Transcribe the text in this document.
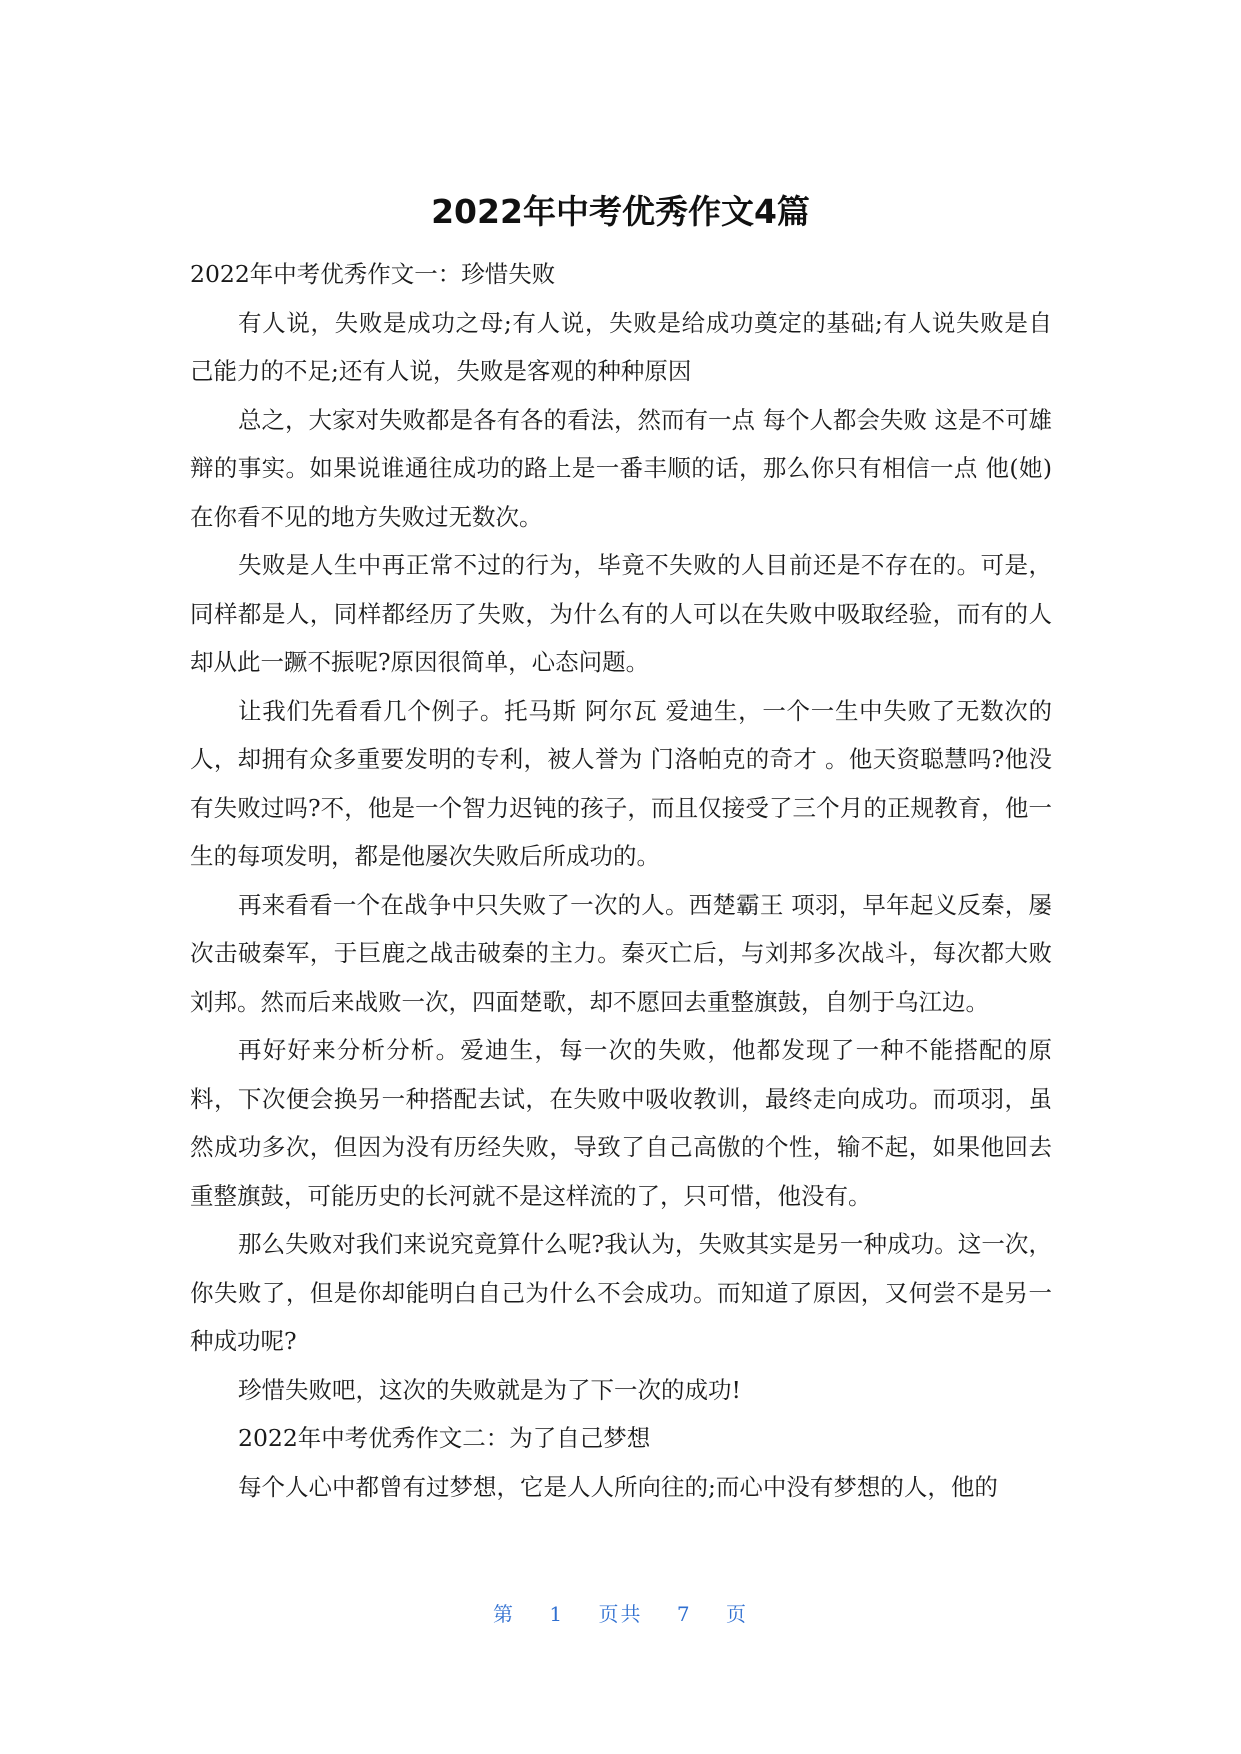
2022年中考优秀作文4篇

2022年中考优秀作文一：珍惜失败

有人说，失败是成功之母;有人说，失败是给成功奠定的基础;有人说失败是自己能力的不足;还有人说，失败是客观的种种原因

总之，大家对失败都是各有各的看法，然而有一点 每个人都会失败 这是不可雄辩的事实。如果说谁通往成功的路上是一番丰顺的话，那么你只有相信一点 他(她)在你看不见的地方失败过无数次。

失败是人生中再正常不过的行为，毕竟不失败的人目前还是不存在的。可是，同样都是人，同样都经历了失败，为什么有的人可以在失败中吸取经验，而有的人却从此一蹶不振呢?原因很简单，心态问题。

让我们先看看几个例子。托马斯 阿尔瓦 爱迪生，一个一生中失败了无数次的人，却拥有众多重要发明的专利，被人誉为 门洛帕克的奇才 。他天资聪慧吗?他没有失败过吗?不，他是一个智力迟钝的孩子，而且仅接受了三个月的正规教育，他一生的每项发明，都是他屡次失败后所成功的。

再来看看一个在战争中只失败了一次的人。西楚霸王 项羽，早年起义反秦，屡次击破秦军，于巨鹿之战击破秦的主力。秦灭亡后，与刘邦多次战斗，每次都大败刘邦。然而后来战败一次，四面楚歌，却不愿回去重整旗鼓，自刎于乌江边。

再好好来分析分析。爱迪生，每一次的失败，他都发现了一种不能搭配的原料，下次便会换另一种搭配去试，在失败中吸收教训，最终走向成功。而项羽，虽然成功多次，但因为没有历经失败，导致了自己高傲的个性，输不起，如果他回去重整旗鼓，可能历史的长河就不是这样流的了，只可惜，他没有。

那么失败对我们来说究竟算什么呢?我认为，失败其实是另一种成功。这一次，你失败了，但是你却能明白自己为什么不会成功。而知道了原因，又何尝不是另一种成功呢?

珍惜失败吧，这次的失败就是为了下一次的成功!

2022年中考优秀作文二：为了自己梦想

每个人心中都曾有过梦想，它是人人所向往的;而心中没有梦想的人，他的

第 1 页共 7 页
